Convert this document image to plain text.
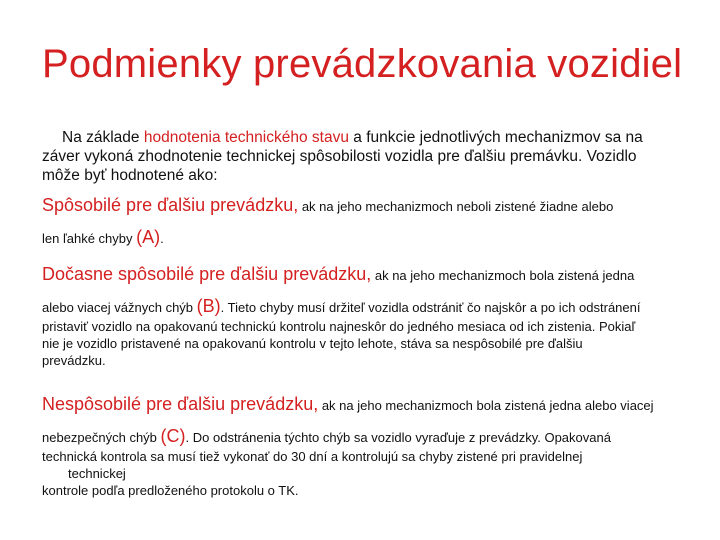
Podmienky prevádzkovania vozidiel
Na základe hodnotenia technického stavu a funkcie jednotlivých mechanizmov sa na
záver vykoná zhodnotenie technickej spôsobilosti vozidla pre ďalšiu premávku. Vozidlo
môže byť hodnotené ako:
Spôsobilé pre ďalšiu prevádzku, ak na jeho mechanizmoch neboli zistené žiadne alebo
len ľahké chyby (A).
Dočasne spôsobilé pre ďalšiu prevádzku, ak na jeho mechanizmoch bola zistená jedna
alebo viacej vážnych chýb (B). Tieto chyby musí držiteľ vozidla odstrániť čo najskôr a po ich odstránení
pristaviť vozidlo na opakovanú technickú kontrolu najneskôr do jedného mesiaca od ich zistenia. Pokiaľ
nie je vozidlo pristavené na opakovanú kontrolu v tejto lehote, stáva sa nespôsobilé pre ďalšiu
prevádzku.
Nespôsobilé pre ďalšiu prevádzku, ak na jeho mechanizmoch bola zistená jedna alebo viacej
nebezpečných chýb (C). Do odstránenia týchto chýb sa vozidlo vyraďuje z prevádzky. Opakovaná
technická kontrola sa musí tiež vykonať do 30 dní a kontrolujú sa chyby zistené pri pravidelnej
technickej
kontrole podľa predloženého protokolu o TK.
